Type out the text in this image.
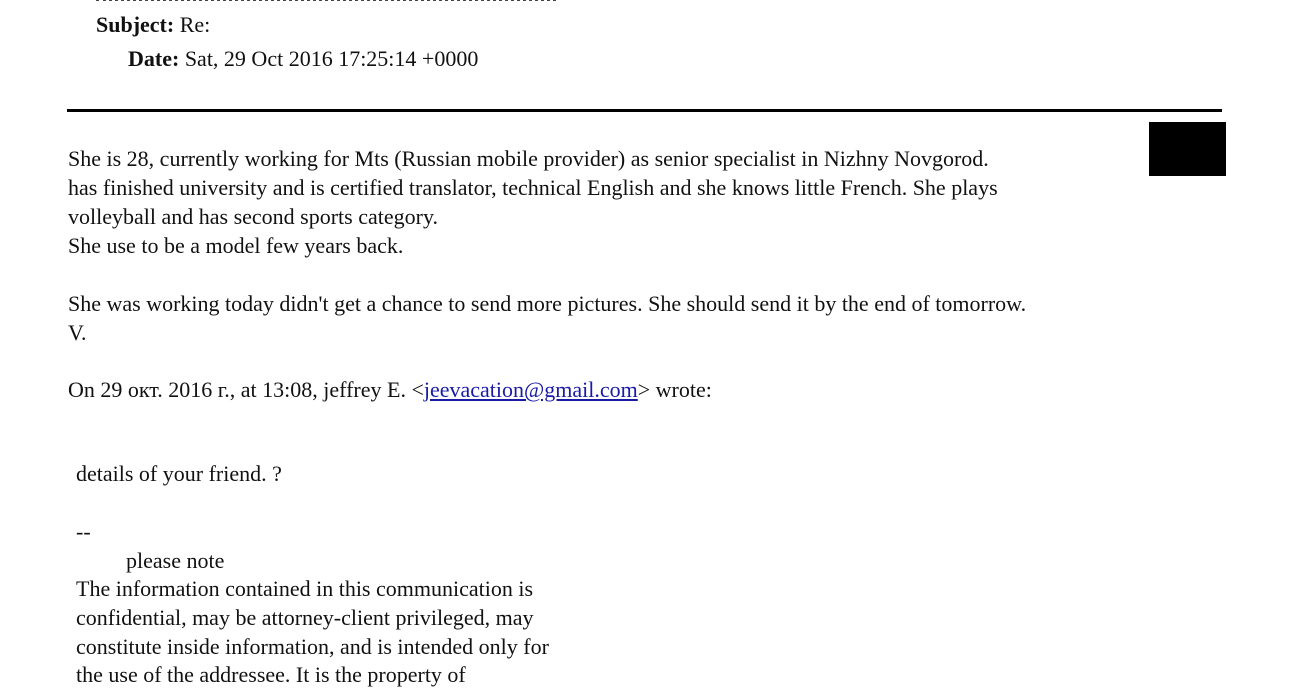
Subject: Re:
Date: Sat, 29 Oct 2016 17:25:14 +0000
She is 28, currently working for Mts (Russian mobile provider) as senior specialist in Nizhny Novgorod.
has finished university and is certified translator, technical English and she knows little French. She plays
volleyball and has second sports category.
She use to be a model few years back.
She was working today didn't get a chance to send more pictures. She should send it by the end of tomorrow.
V.
On 29 окт. 2016 г., at 13:08, jeffrey E. <jeevacation@gmail.com> wrote:
details of your friend. ?
--
please note
The information contained in this communication is
confidential, may be attorney-client privileged, may
constitute inside information, and is intended only for
the use of the addressee. It is the property of
